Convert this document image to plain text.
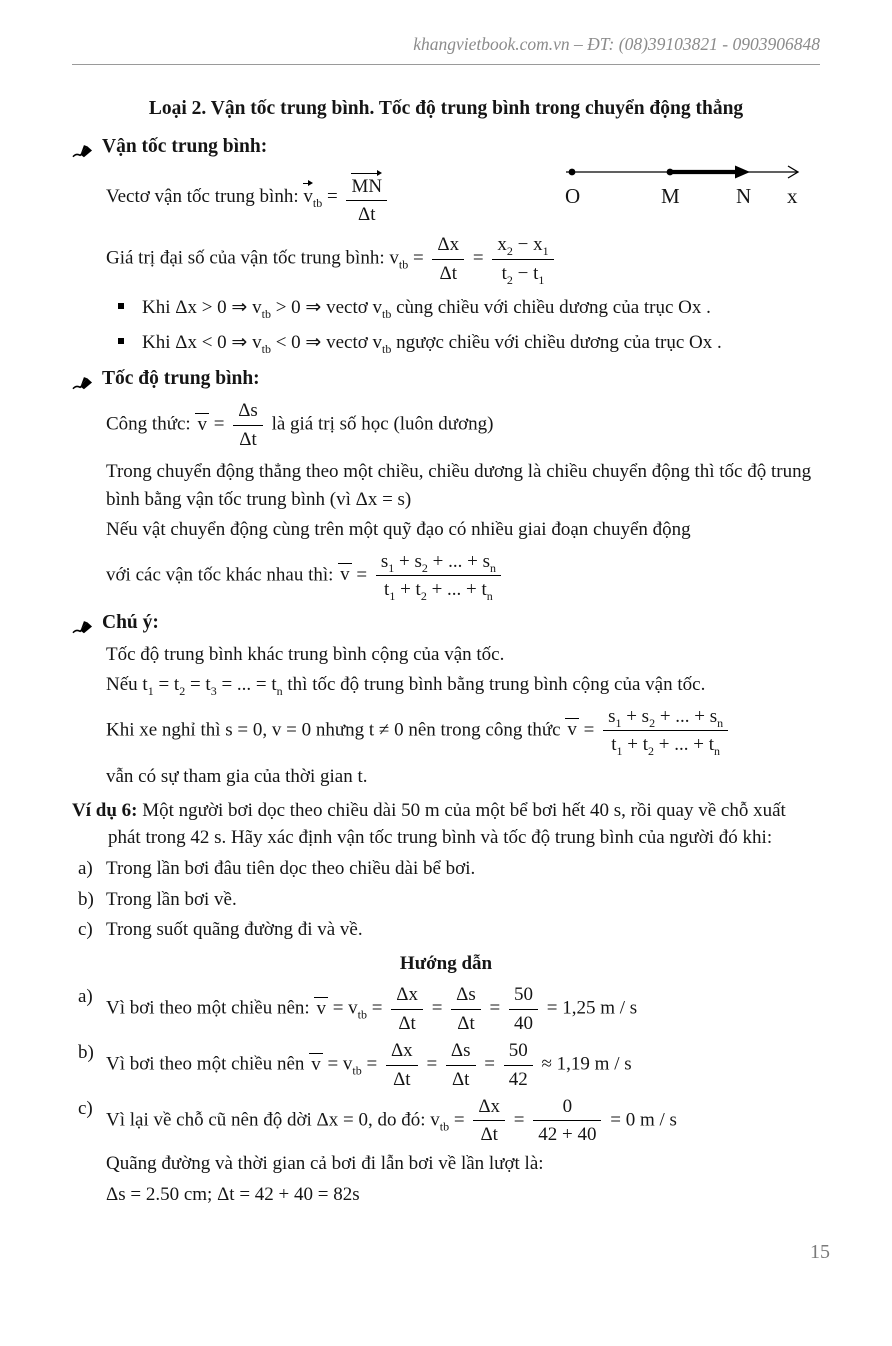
khangvietbook.com.vn – ĐT: (08)39103821 - 0903906848
Loại 2. Vận tốc trung bình. Tốc độ trung bình trong chuyển động thẳng
Vận tốc trung bình:
Vectơ vận tốc trung bình: v $_{tb} = \frac{MN}{\Delta t}$
Giá trị đại số của vận tốc trung bình: $v_{tb} = \frac{\Delta x}{\Delta t} = \frac{x_2 - x_1}{t_2 - t_1}$
Khi Δx > 0 ⇒ $v_{tb} > 0$ ⇒ vectơ $v_{tb}$ cùng chiều với chiều dương của trục Ox .
Khi Δx < 0 ⇒ $v_{tb} < 0$ ⇒ vectơ $v_{tb}$ ngược chiều với chiều dương của trục Ox .
Tốc độ trung bình:
Công thức: $v = \frac{\Delta s}{\Delta t}$ là giá trị số học (luôn dương)
Trong chuyển động thẳng theo một chiều, chiều dương là chiều chuyển động thì tốc độ trung bình bằng vận tốc trung bình (vì Δx = s)
Nếu vật chuyển động cùng trên một quỹ đạo có nhiều giai đoạn chuyển động
với các vận tốc khác nhau thì: $v = \frac{s_1 + s_2 + ... + s_n}{t_1 + t_2 + ... + t_n}$
Chú ý:
Tốc độ trung bình khác trung bình cộng của vận tốc.
Nếu $t_1 = t_2 = t_3$ = ... = $t_n$ thì tốc độ trung bình bằng trung bình cộng của vận tốc.
Khi xe nghỉ thì s = 0, v = 0 nhưng t ≠ 0 nên trong công thức $v = \frac{s_1 + s_2 + ... + s_n}{t_1 + t_2 + ... + t_n}$
vẫn có sự tham gia của thời gian t.
Ví dụ 6: Một người bơi dọc theo chiều dài 50 m của một bể bơi hết 40 s, rồi quay về chỗ xuất phát trong 42 s. Hãy xác định vận tốc trung bình và tốc độ trung bình của người đó khi:
a) Trong lần bơi đâu tiên dọc theo chiều dài bể bơi.
b) Trong lần bơi về.
c) Trong suốt quãng đường đi và về.
Hướng dẫn
a)
Vì bơi theo một chiều nên: $v = v_{tb} = \frac{\Delta x}{\Delta t} = \frac{\Delta s}{\Delta t} = \frac{50}{40} = 1,25$ m / s
b)
Vì bơi theo một chiều nên $v = v_{tb} = \frac{\Delta x}{\Delta t} = \frac{\Delta s}{\Delta t} = \frac{50}{42} \approx 1,19$ m / s
c)
Vì lại về chỗ cũ nên độ dời Δx = 0, do đó: $v_{tb} = \frac{\Delta x}{\Delta t} = \frac{0}{42 + 40} = 0$ m / s
Quãng đường và thời gian cả bơi đi lẫn bơi về lần lượt là:
Δs = 2.50 cm; Δt = 42 + 40 = 82s
O	M	N x
15
